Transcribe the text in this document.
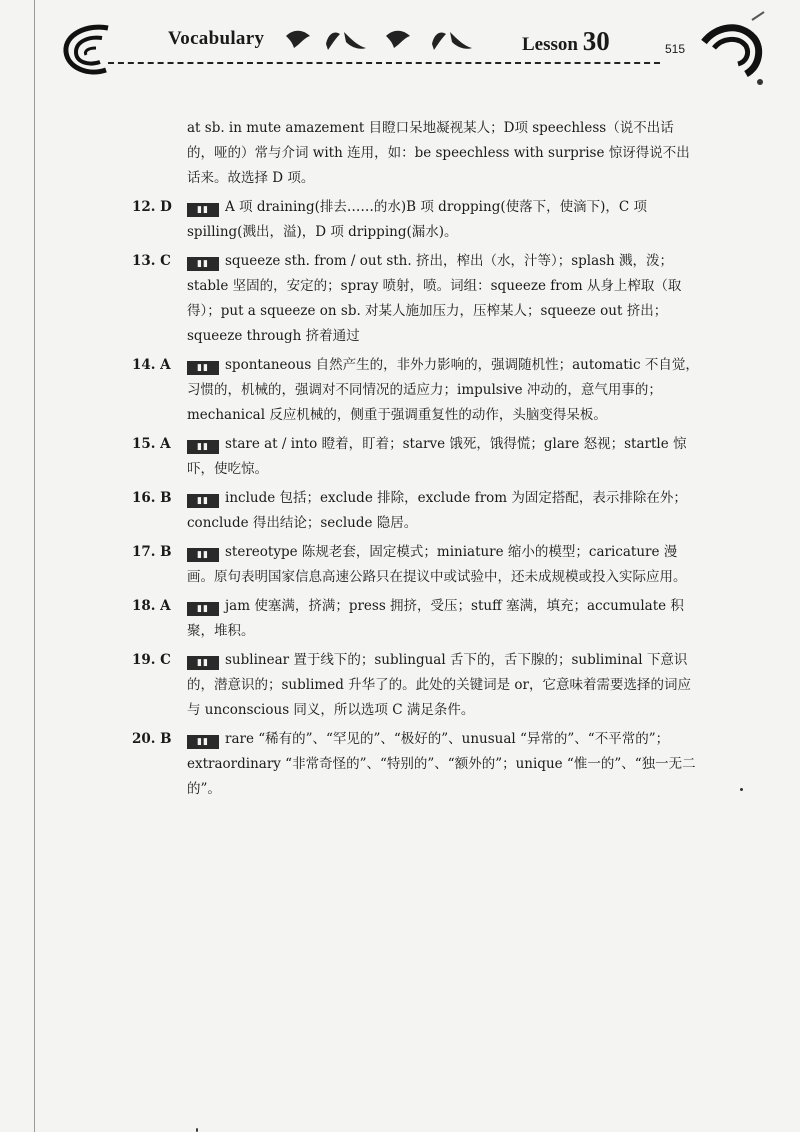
Vocabulary	Lesson 30	515
at sb. in mute amazement 目瞪口呆地凝视某人；D项 speechless（说不出话的，哑的）常与介词 with 连用，如：be speechless with surprise 惊讶得说不出话来。故选择 D 项。
12. D	▮▮ A 项 draining(排去……的水)B 项 dropping(使落下，使滴下)，C 项 spilling(溅出，溢)，D 项 dripping(漏水)。
13. C	▮▮ squeeze sth. from / out sth. 挤出，榨出（水，汁等）；splash 溅，泼；stable 坚固的，安定的；spray 喷射，喷。词组：squeeze from 从身上榨取（取得）；put a squeeze on sb. 对某人施加压力，压榨某人；squeeze out 挤出；squeeze through 挤着通过
14. A	▮▮ spontaneous 自然产生的，非外力影响的，强调随机性；automatic 不自觉，习惯的，机械的，强调对不同情况的适应力；impulsive 冲动的，意气用事的；mechanical 反应机械的，侧重于强调重复性的动作，头脑变得呆板。
15. A	▮▮ stare at / into 瞪着，盯着；starve 饿死，饿得慌；glare 怒视；startle 惊吓，使吃惊。
16. B	▮▮ include 包括；exclude 排除，exclude from 为固定搭配，表示排除在外；conclude 得出结论；seclude 隐居。
17. B	▮▮ stereotype 陈规老套，固定模式；miniature 缩小的模型；caricature 漫画。原句表明国家信息高速公路只在提议中或试验中，还未成规模或投入实际应用。
18. A	▮▮ jam 使塞满，挤满；press 拥挤，受压；stuff 塞满，填充；accumulate 积聚，堆积。
19. C	▮▮ sublinear 置于线下的；sublingual 舌下的，舌下腺的；subliminal 下意识的，潜意识的；sublimed 升华了的。此处的关键词是 or，它意味着需要选择的词应与 unconscious 同义，所以选项 C 满足条件。
20. B	▮▮ rare “稀有的”、“罕见的”、“极好的”、unusual “异常的”、“不平常的”；extraordinary “非常奇怪的”、“特别的”、“额外的”；unique “惟一的”、“独一无二的”。
